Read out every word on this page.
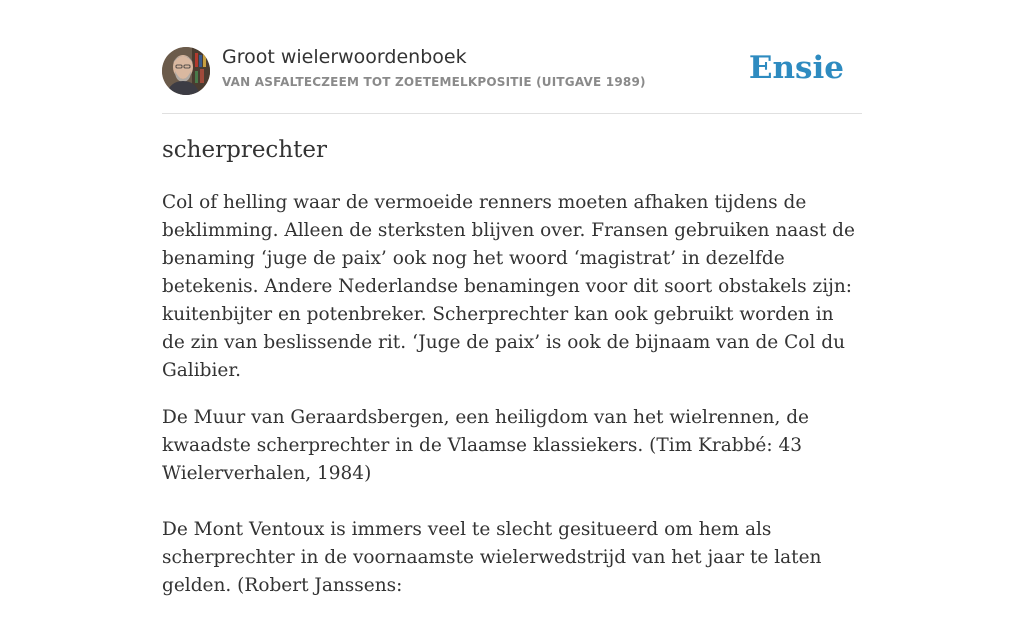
Groot wielerwoordenboek
VAN ASFALTECZEEM TOT ZOETEMELKPOSITIE (UITGAVE 1989)	Ensie
scherprechter

Col of helling waar de vermoeide renners moeten afhaken tijdens de beklimming. Alleen de sterksten blijven over. Fransen gebruiken naast de benaming ‘juge de paix’ ook nog het woord ‘magistrat’ in dezelfde betekenis. Andere Nederlandse benamingen voor dit soort obstakels zijn: kuitenbijter en potenbreker. Scherprechter kan ook gebruikt worden in de zin van beslissende rit. ‘Juge de paix’ is ook de bijnaam van de Col du Galibier.

De Muur van Geraardsbergen, een heiligdom van het wielrennen, de kwaadste scherprechter in de Vlaamse klassiekers. (Tim Krabbé: 43 Wielerverhalen, 1984)

De Mont Ventoux is immers veel te slecht gesitueerd om hem als scherprechter in de voornaamste wielerwedstrijd van het jaar te laten gelden. (Robert Janssens:
